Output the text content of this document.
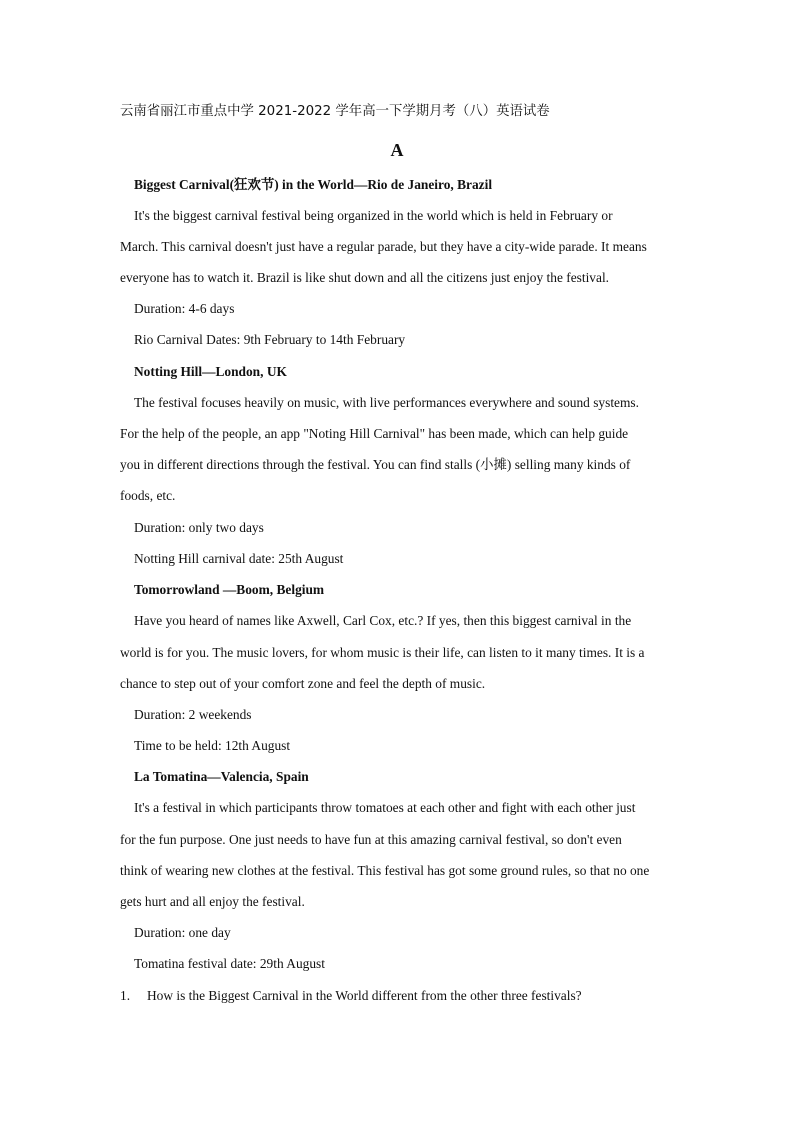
云南省丽江市重点中学 2021-2022 学年高一下学期月考（八）英语试卷
A
Biggest Carnival(狂欢节) in the World—Rio de Janeiro, Brazil
It's the biggest carnival festival being organized in the world which is held in February or
March. This carnival doesn't just have a regular parade, but they have a city-wide parade. It means
everyone has to watch it. Brazil is like shut down and all the citizens just enjoy the festival.
Duration: 4-6 days
Rio Carnival Dates: 9th February to 14th February
Notting Hill—London, UK
The festival focuses heavily on music, with live performances everywhere and sound systems.
For the help of the people, an app "Noting Hill Carnival" has been made, which can help guide
you in different directions through the festival. You can find stalls (小摊) selling many kinds of
foods, etc.
Duration: only two days
Notting Hill carnival date: 25th August
Tomorrowland —Boom, Belgium
Have you heard of names like Axwell, Carl Cox, etc.? If yes, then this biggest carnival in the
world is for you. The music lovers, for whom music is their life, can listen to it many times. It is a
chance to step out of your comfort zone and feel the depth of music.
Duration: 2 weekends
Time to be held: 12th August
La Tomatina—Valencia, Spain
It's a festival in which participants throw tomatoes at each other and fight with each other just
for the fun purpose. One just needs to have fun at this amazing carnival festival, so don't even
think of wearing new clothes at the festival. This festival has got some ground rules, so that no one
gets hurt and all enjoy the festival.
Duration: one day
Tomatina festival date: 29th August
1. How is the Biggest Carnival in the World different from the other three festivals?
